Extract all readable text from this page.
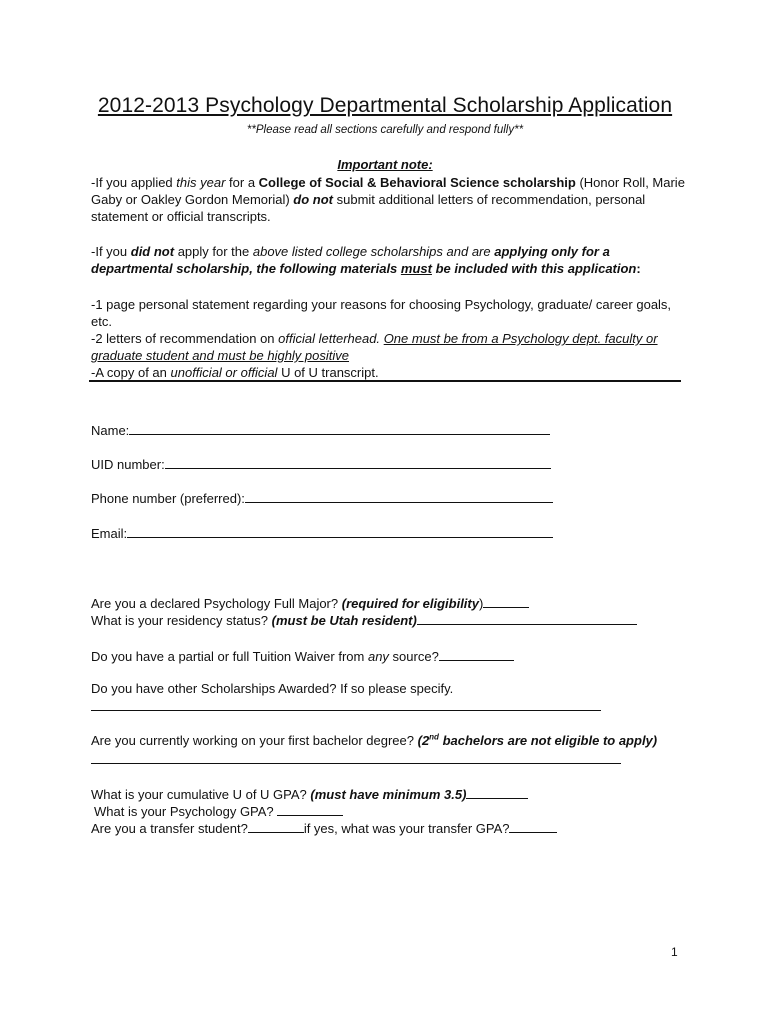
2012-2013 Psychology Departmental Scholarship Application
**Please read all sections carefully and respond fully**
Important note:
-If you applied this year for a College of Social & Behavioral Science scholarship (Honor Roll, Marie Gaby or Oakley Gordon Memorial) do not submit additional letters of recommendation, personal statement or official transcripts.
-If you did not apply for the above listed college scholarships and are applying only for a departmental scholarship, the following materials must be included with this application:
-1 page personal statement regarding your reasons for choosing Psychology, graduate/ career goals, etc.
-2 letters of recommendation on official letterhead. One must be from a Psychology dept. faculty or graduate student and must be highly positive
-A copy of an unofficial or official U of U transcript.
Name:
UID number:
Phone number (preferred):
Email:
Are you a declared Psychology Full Major? (required for eligibility)
What is your residency status? (must be Utah resident)
Do you have a partial or full Tuition Waiver from any source?
Do you have other Scholarships Awarded? If so please specify.
Are you currently working on your first bachelor degree? (2nd bachelors are not eligible to apply)
What is your cumulative U of U GPA? (must have minimum 3.5)
What is your Psychology GPA?
Are you a transfer student?	if yes, what was your transfer GPA?
1
